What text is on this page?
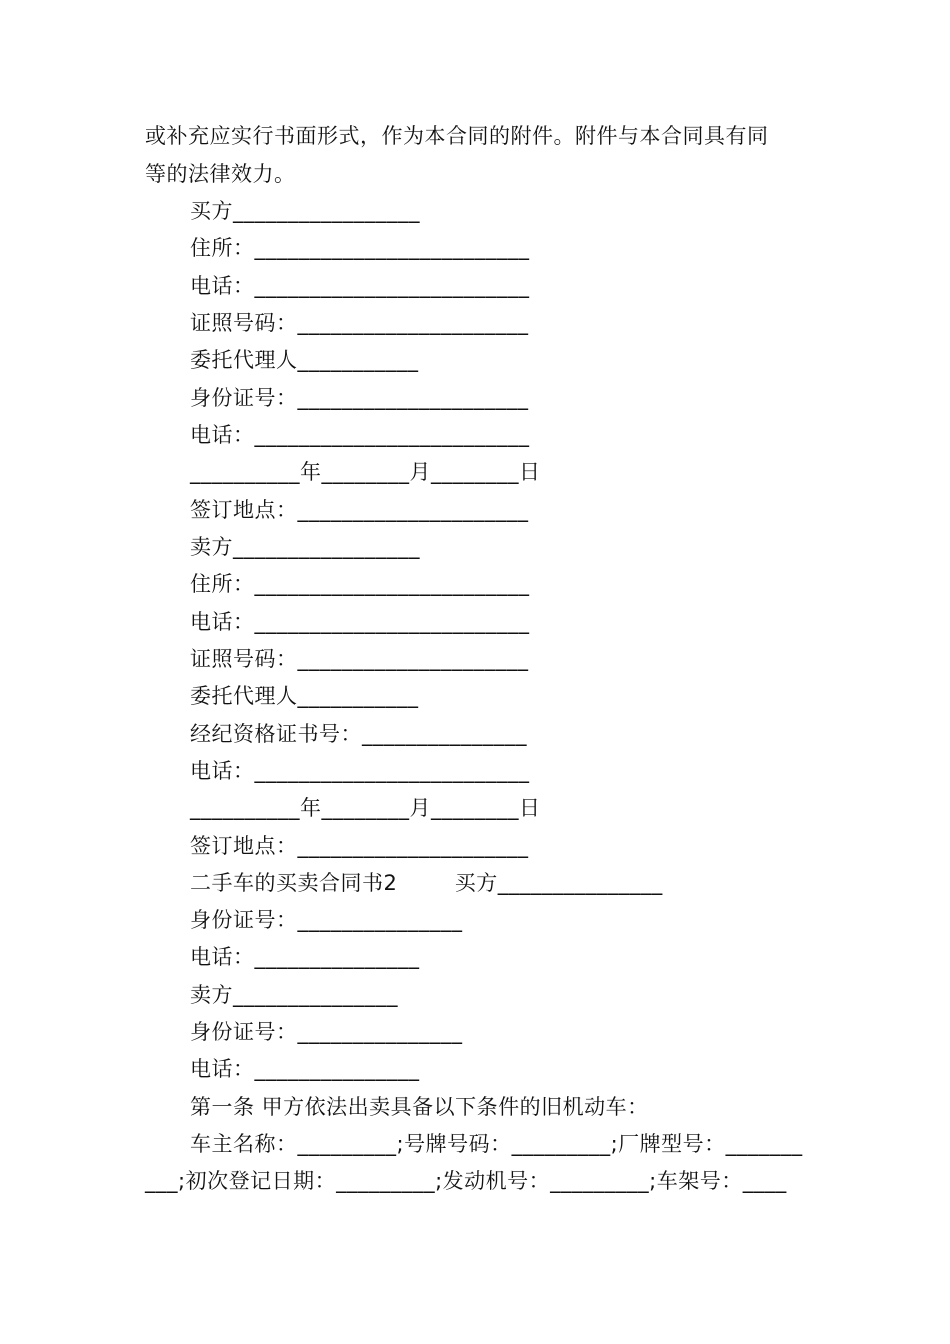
或补充应实行书面形式，作为本合同的附件。附件与本合同具有同
等的法律效力。
买方_________________
住所：_________________________
电话：_________________________
证照号码：_____________________
委托代理人___________
身份证号：_____________________
电话：_________________________
__________年________月________日
签订地点：_____________________
卖方_________________
住所：_________________________
电话：_________________________
证照号码：_____________________
委托代理人___________
经纪资格证书号：_______________
电话：_________________________
__________年________月________日
签订地点：_____________________
二手车的买卖合同书2        买方_______________
身份证号：_______________
电话：_______________
卖方_______________
身份证号：_______________
电话：_______________
第一条 甲方依法出卖具备以下条件的旧机动车：
车主名称：_________;号牌号码：_________;厂牌型号：_______
___;初次登记日期：_________;发动机号：_________;车架号：____
